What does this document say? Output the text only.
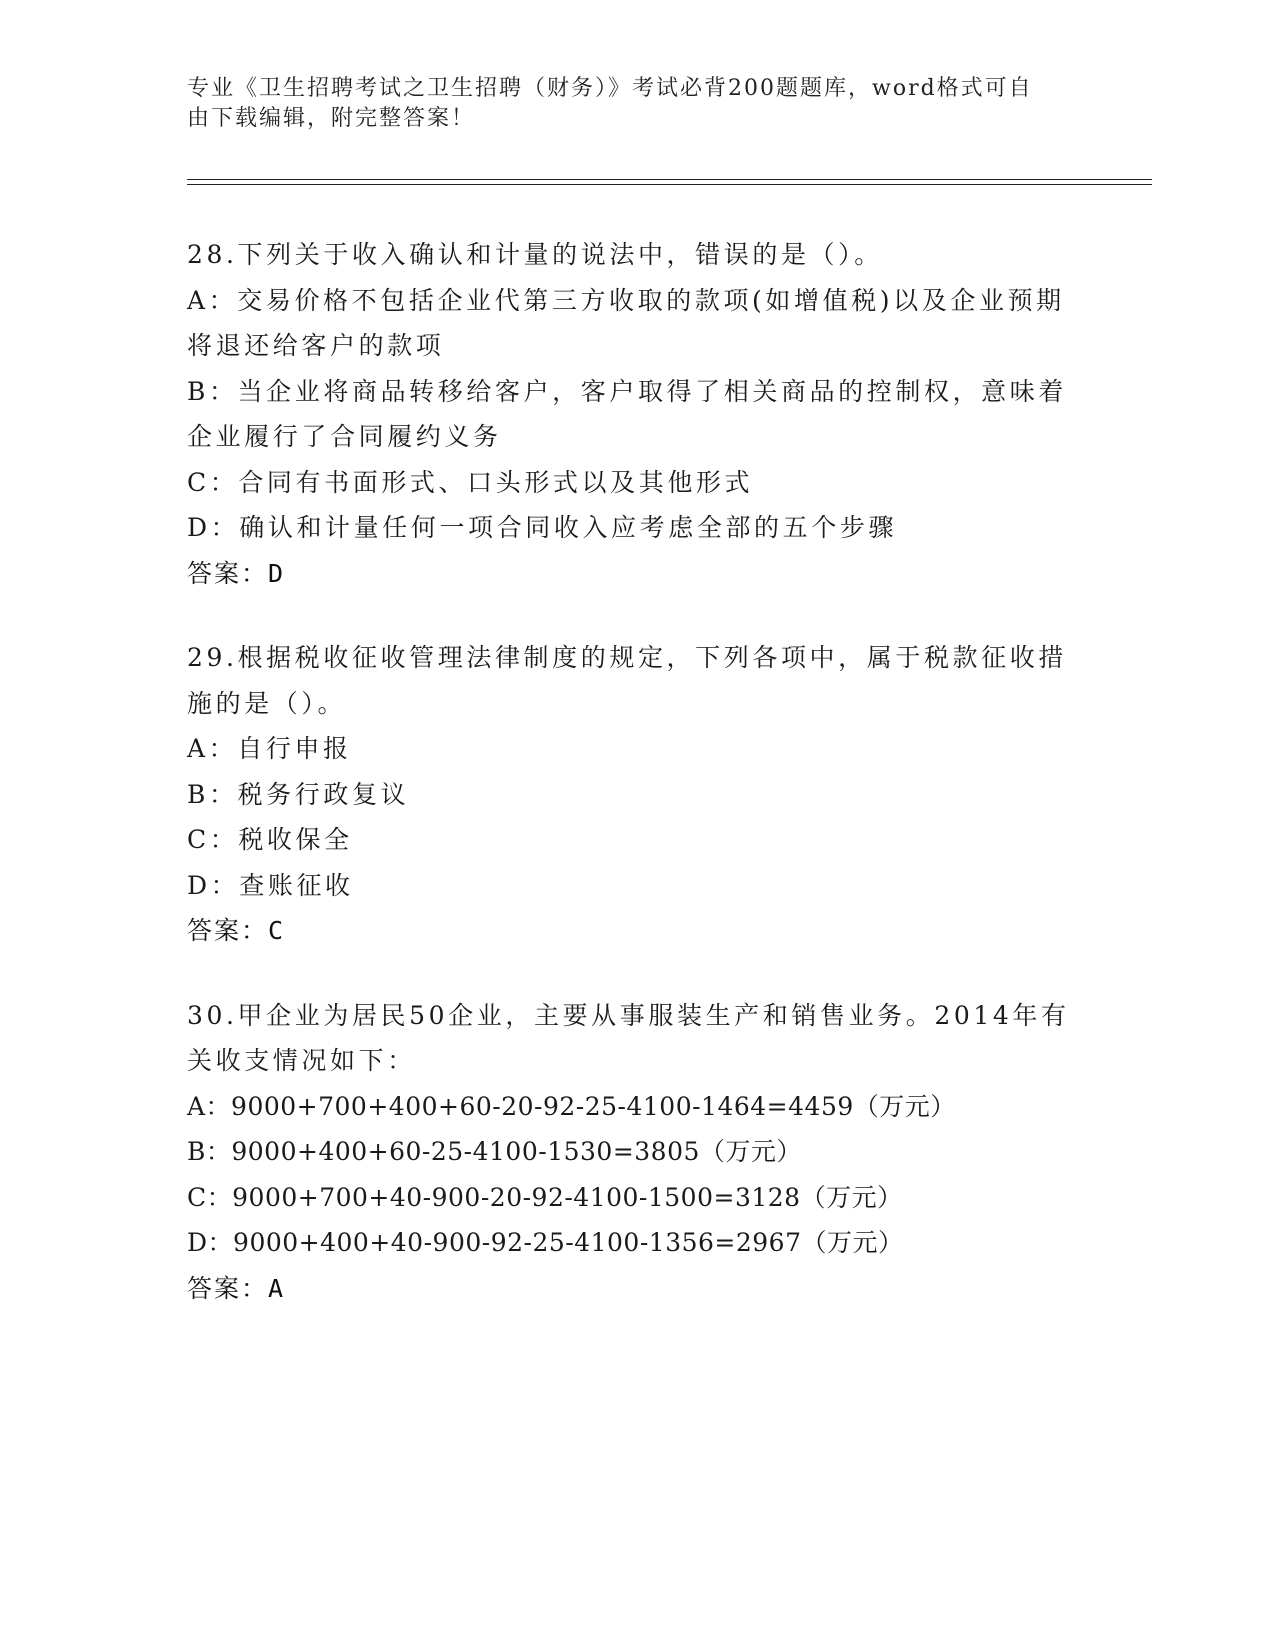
专业《卫生招聘考试之卫生招聘（财务）》考试必背200题题库，word格式可自
由下载编辑，附完整答案！
28.下列关于收入确认和计量的说法中，错误的是（）。
A：交易价格不包括企业代第三方收取的款项(如增值税)以及企业预期
将退还给客户的款项
B：当企业将商品转移给客户，客户取得了相关商品的控制权，意味着
企业履行了合同履约义务
C：合同有书面形式、口头形式以及其他形式
D：确认和计量任何一项合同收入应考虑全部的五个步骤
答案：D
29.根据税收征收管理法律制度的规定，下列各项中，属于税款征收措
施的是（）。
A：自行申报
B：税务行政复议
C：税收保全
D：查账征收
答案：C
30.甲企业为居民50企业，主要从事服装生产和销售业务。2014年有
关收支情况如下：
A：9000+700+400+60-20-92-25-4100-1464=4459（万元）
B：9000+400+60-25-4100-1530=3805（万元）
C：9000+700+40-900-20-92-4100-1500=3128（万元）
D：9000+400+40-900-92-25-4100-1356=2967（万元）
答案：A
